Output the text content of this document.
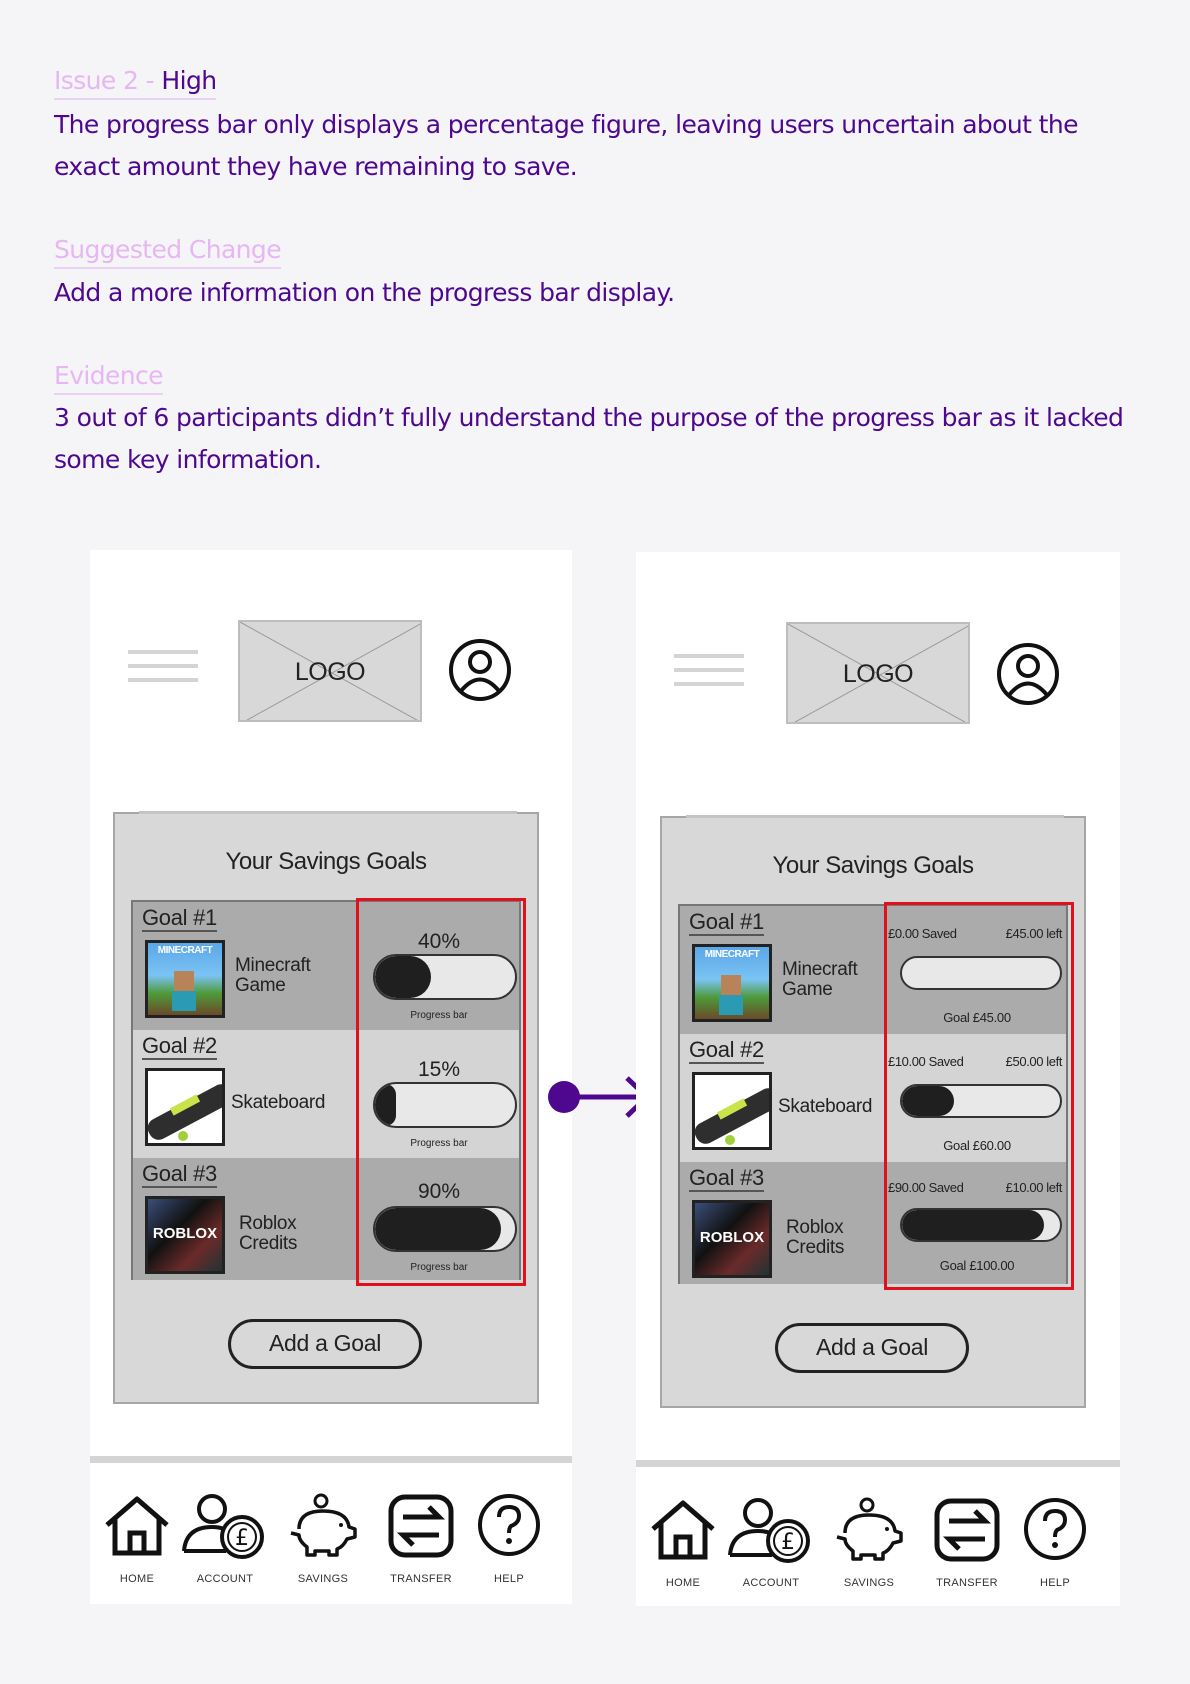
Issue 2 - High
The progress bar only displays a percentage figure, leaving users uncertain about the
exact amount they have remaining to save.
Suggested Change
Add a more information on the progress bar display.
Evidence
3 out of 6 participants didn’t fully understand the purpose of the progress bar as it lacked
some key information.
LOGO
Your Savings Goals
Goal #1
MINECRAFT
Minecraft
Game
40%
Progress bar
Goal #2
Skateboard
15%
Progress bar
Goal #3
ROBLOX Roblox
Credits
90%
Progress bar
Add a Goal
HOME
£
ACCOUNT	SAVINGS	TRANSFER	HELP
LOGO
Your Savings Goals
Goal #1
MINECRAFT
Minecraft
Game
£0.00 Saved	£45.00 left
Goal £45.00
Goal #2
Skateboard
£10.00 Saved	£50.00 left
Goal £60.00
Goal #3
ROBLOX Roblox
Credits
£90.00 Saved	£10.00 left
Goal £100.00
Add a Goal
HOME
£
ACCOUNT	SAVINGS	TRANSFER	HELP
